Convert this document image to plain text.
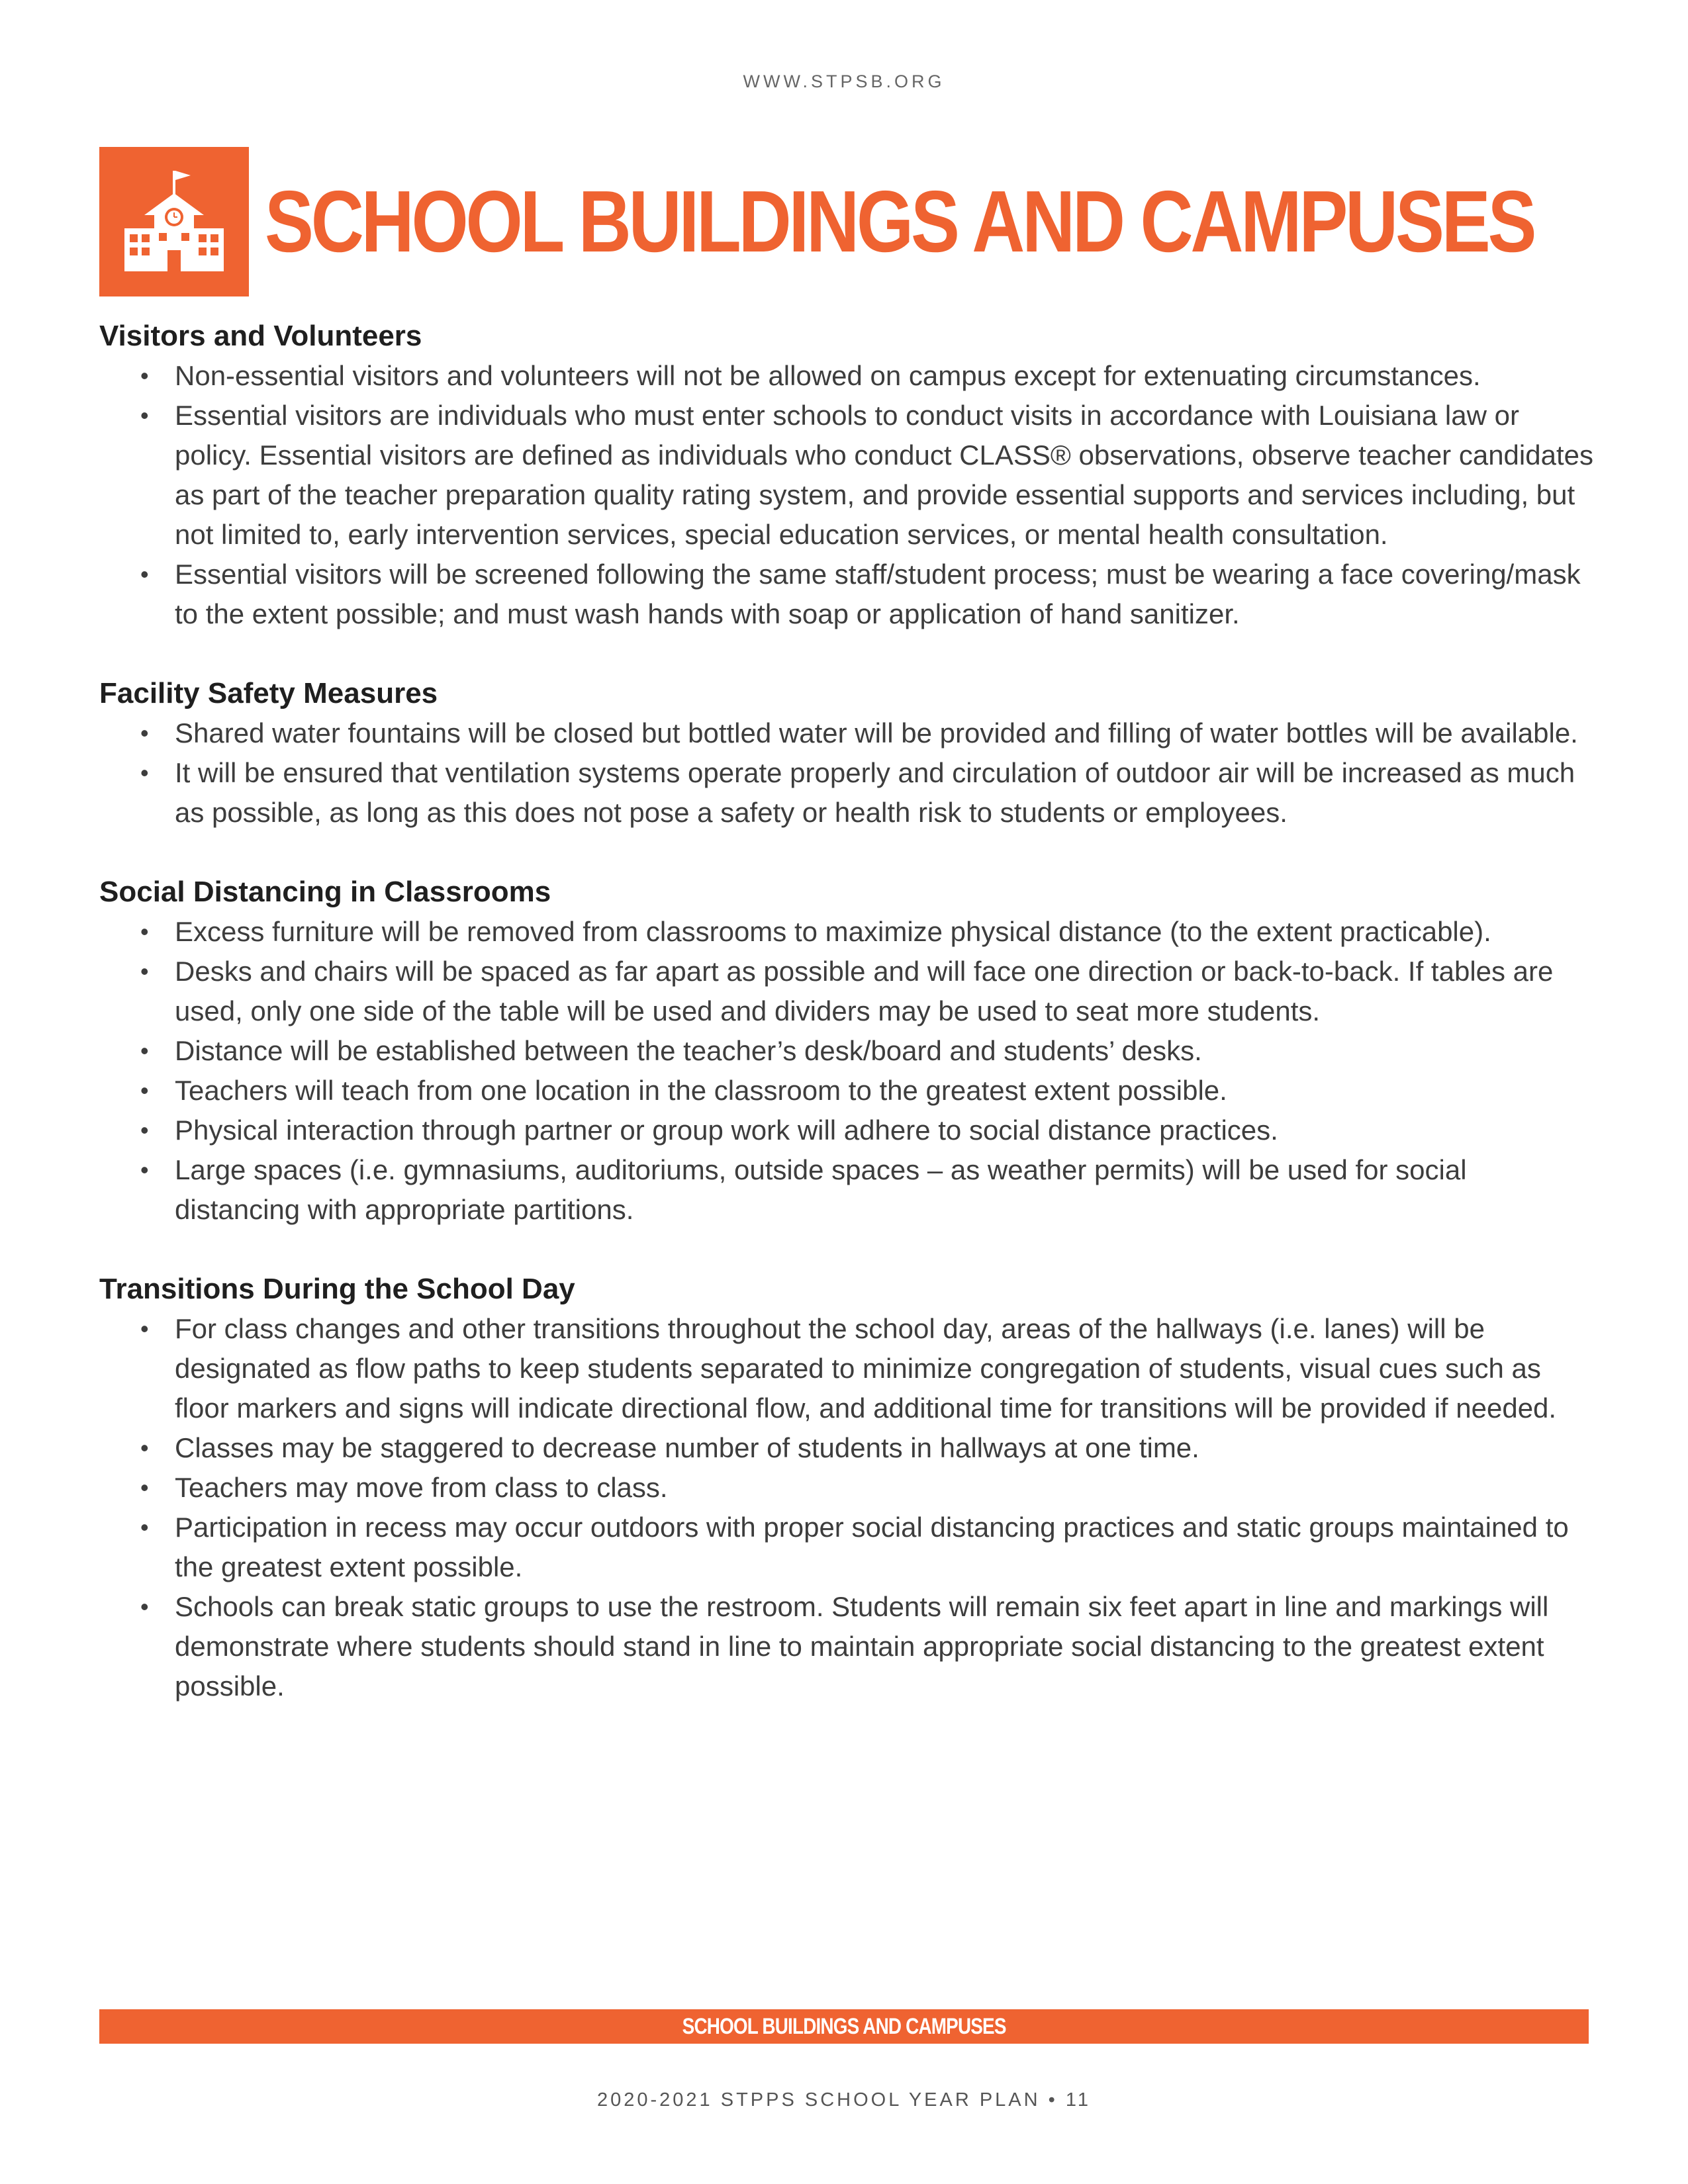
WWW.STPSB.ORG
SCHOOL BUILDINGS AND CAMPUSES
Visitors and Volunteers
• Non-essential visitors and volunteers will not be allowed on campus except for extenuating circumstances.
• Essential visitors are individuals who must enter schools to conduct visits in accordance with Louisiana law or policy. Essential visitors are defined as individuals who conduct CLASS® observations, observe teacher candidates as part of the teacher preparation quality rating system, and provide essential supports and services including, but not limited to, early intervention services, special education services, or mental health consultation.
• Essential visitors will be screened following the same staff/student process; must be wearing a face covering/mask to the extent possible; and must wash hands with soap or application of hand sanitizer.
Facility Safety Measures
• Shared water fountains will be closed but bottled water will be provided and filling of water bottles will be available.
• It will be ensured that ventilation systems operate properly and circulation of outdoor air will be increased as much as possible, as long as this does not pose a safety or health risk to students or employees.
Social Distancing in Classrooms
• Excess furniture will be removed from classrooms to maximize physical distance (to the extent practicable).
• Desks and chairs will be spaced as far apart as possible and will face one direction or back-to-back. If tables are used, only one side of the table will be used and dividers may be used to seat more students.
• Distance will be established between the teacher’s desk/board and students’ desks.
• Teachers will teach from one location in the classroom to the greatest extent possible.
• Physical interaction through partner or group work will adhere to social distance practices.
• Large spaces (i.e. gymnasiums, auditoriums, outside spaces – as weather permits) will be used for social distancing with appropriate partitions.
Transitions During the School Day
• For class changes and other transitions throughout the school day, areas of the hallways (i.e. lanes) will be designated as flow paths to keep students separated to minimize congregation of students, visual cues such as floor markers and signs will indicate directional flow, and additional time for transitions will be provided if needed.
• Classes may be staggered to decrease number of students in hallways at one time.
• Teachers may move from class to class.
• Participation in recess may occur outdoors with proper social distancing practices and static groups maintained to the greatest extent possible.
• Schools can break static groups to use the restroom. Students will remain six feet apart in line and markings will demonstrate where students should stand in line to maintain appropriate social distancing to the greatest extent possible.
SCHOOL BUILDINGS AND CAMPUSES
2020-2021 STPPS SCHOOL YEAR PLAN • 11
